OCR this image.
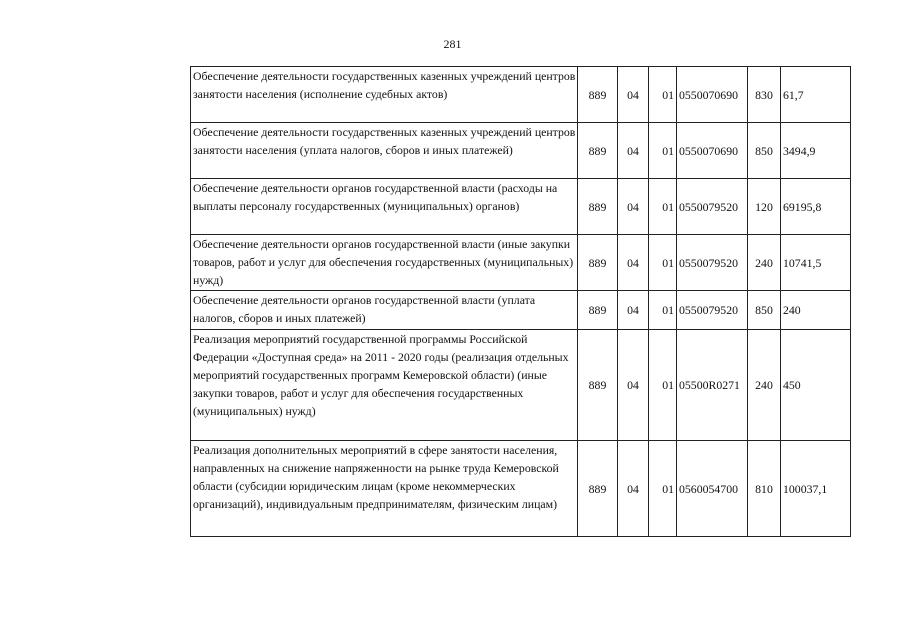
281
Обеспечение деятельности государственных казенных учреждений центров занятости населения (исполнение судебных актов)	889	04	01	0550070690	830	61,7
Обеспечение деятельности государственных казенных учреждений центров занятости населения (уплата налогов, сборов и иных платежей)	889	04	01	0550070690	850	3494,9
Обеспечение деятельности органов государственной власти (расходы на выплаты персоналу государственных (муниципальных) органов)	889	04	01	0550079520	120	69195,8
Обеспечение деятельности органов государственной власти (иные закупки товаров, работ и услуг для обеспечения государственных (муниципальных) нужд)	889	04	01	0550079520	240	10741,5
Обеспечение деятельности органов государственной власти (уплата налогов, сборов и иных платежей)	889	04	01	0550079520	850	240
Реализация мероприятий государственной программы Российской Федерации «Доступная среда» на 2011 - 2020 годы (реализация отдельных мероприятий государственных программ Кемеровской области) (иные закупки товаров, работ и услуг для обеспечения государственных (муниципальных) нужд)	889	04	01	05500R0271	240	450
Реализация дополнительных мероприятий в сфере занятости населения, направленных на снижение напряженности на рынке труда Кемеровской области (субсидии юридическим лицам (кроме некоммерческих организаций), индивидуальным предпринимателям, физическим лицам)	889	04	01	0560054700	810	100037,1
